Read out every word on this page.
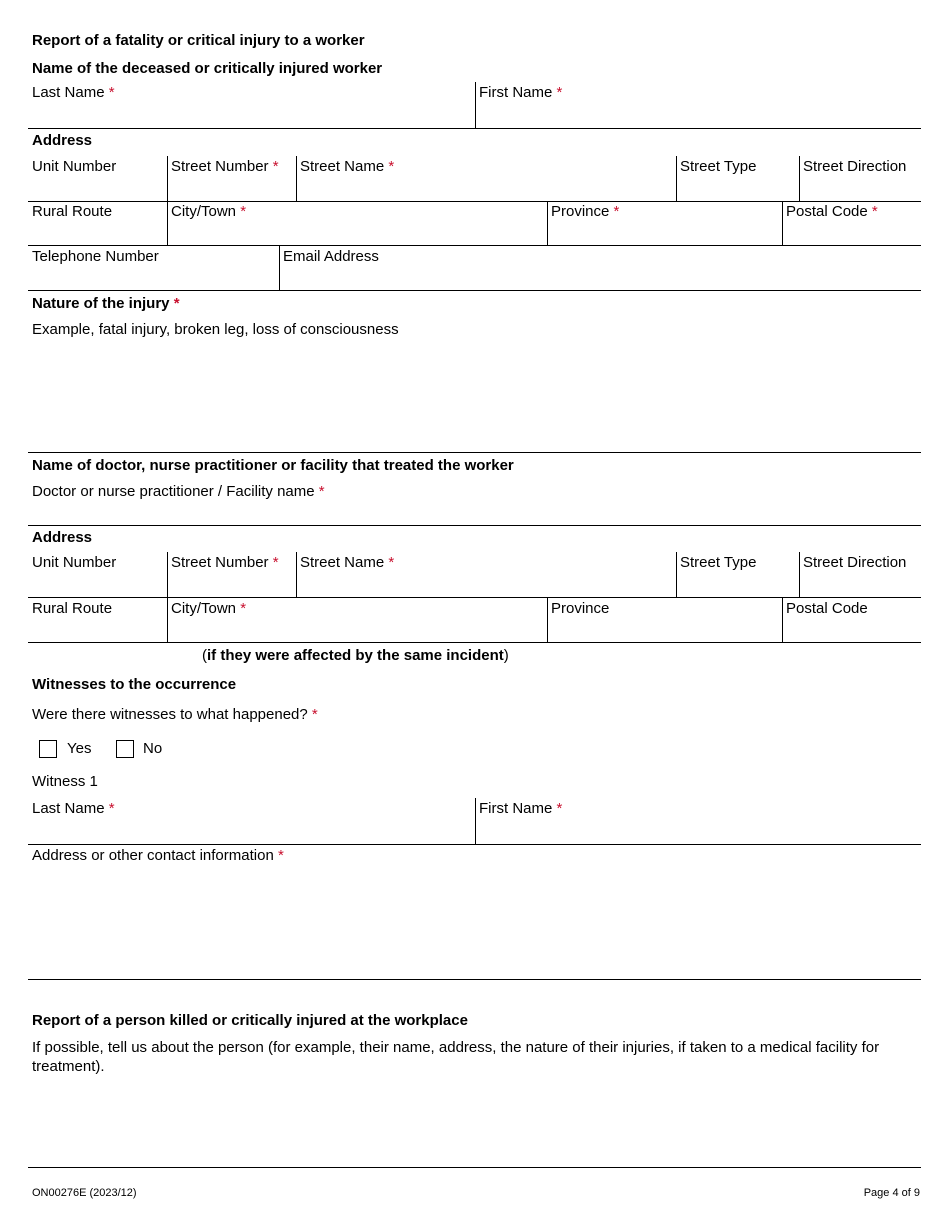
Report of a fatality or critical injury to a worker
Name of the deceased or critically injured worker
Last Name *	First Name *
Address
Unit Number	Street Number * Street Name *	Street Type	Street Direction
Rural Route	City/Town *	Province *	Postal Code *
Telephone Number	Email Address
Nature of the injury *
Example, fatal injury, broken leg, loss of consciousness
Name of doctor, nurse practitioner or facility that treated the worker
Doctor or nurse practitioner / Facility name *
Address
Unit Number	Street Number * Street Name *	Street Type	Street Direction
Rural Route	City/Town *	Province	Postal Code
(if they were affected by the same incident)
Witnesses to the occurrence
Were there witnesses to what happened? *
Yes	No
Witness 1
Last Name *	First Name *
Address or other contact information *
Report of a person killed or critically injured at the workplace
If possible, tell us about the person (for example, their name, address, the nature of their injuries, if taken to a medical facility for treatment).
ON00276E (2023/12)	Page 4 of 9
